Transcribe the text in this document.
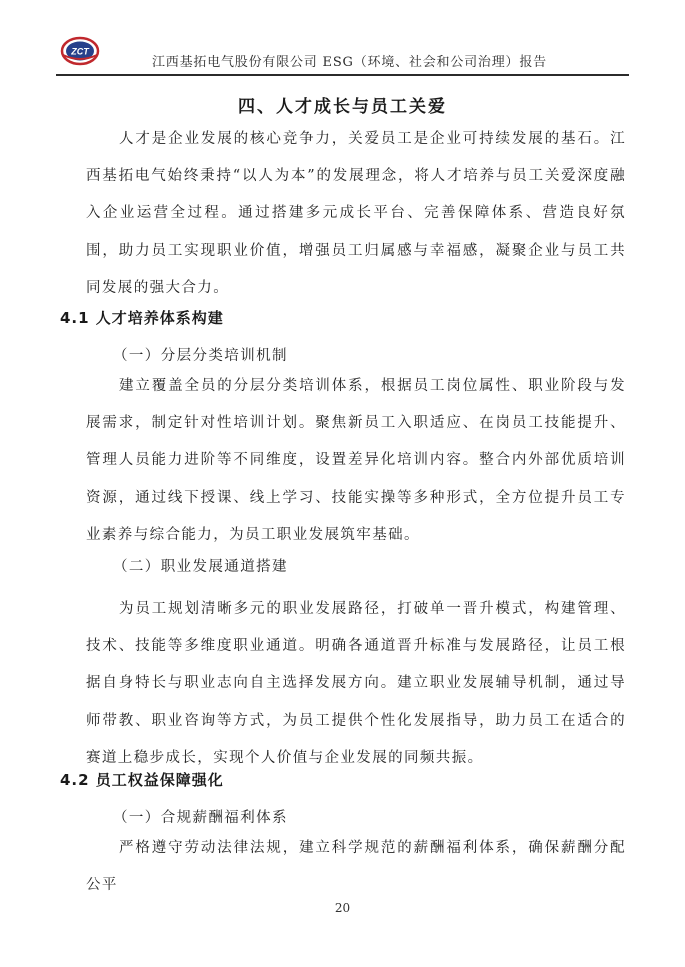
ZCT
江西基拓电气股份有限公司 ESG（环境、社会和公司治理）报告
四、人才成长与员工关爱
人才是企业发展的核心竞争力，关爱员工是企业可持续发展的基石。江西基拓电气始终秉持“以人为本”的发展理念，将人才培养与员工关爱深度融入企业运营全过程。通过搭建多元成长平台、完善保障体系、营造良好氛围，助力员工实现职业价值，增强员工归属感与幸福感，凝聚企业与员工共同发展的强大合力。
4.1 人才培养体系构建
（一）分层分类培训机制
建立覆盖全员的分层分类培训体系，根据员工岗位属性、职业阶段与发展需求，制定针对性培训计划。聚焦新员工入职适应、在岗员工技能提升、管理人员能力进阶等不同维度，设置差异化培训内容。整合内外部优质培训资源，通过线下授课、线上学习、技能实操等多种形式，全方位提升员工专业素养与综合能力，为员工职业发展筑牢基础。
（二）职业发展通道搭建
为员工规划清晰多元的职业发展路径，打破单一晋升模式，构建管理、技术、技能等多维度职业通道。明确各通道晋升标准与发展路径，让员工根据自身特长与职业志向自主选择发展方向。建立职业发展辅导机制，通过导师带教、职业咨询等方式，为员工提供个性化发展指导，助力员工在适合的赛道上稳步成长，实现个人价值与企业发展的同频共振。
4.2 员工权益保障强化
（一）合规薪酬福利体系
严格遵守劳动法律法规，建立科学规范的薪酬福利体系，确保薪酬分配公平
20
